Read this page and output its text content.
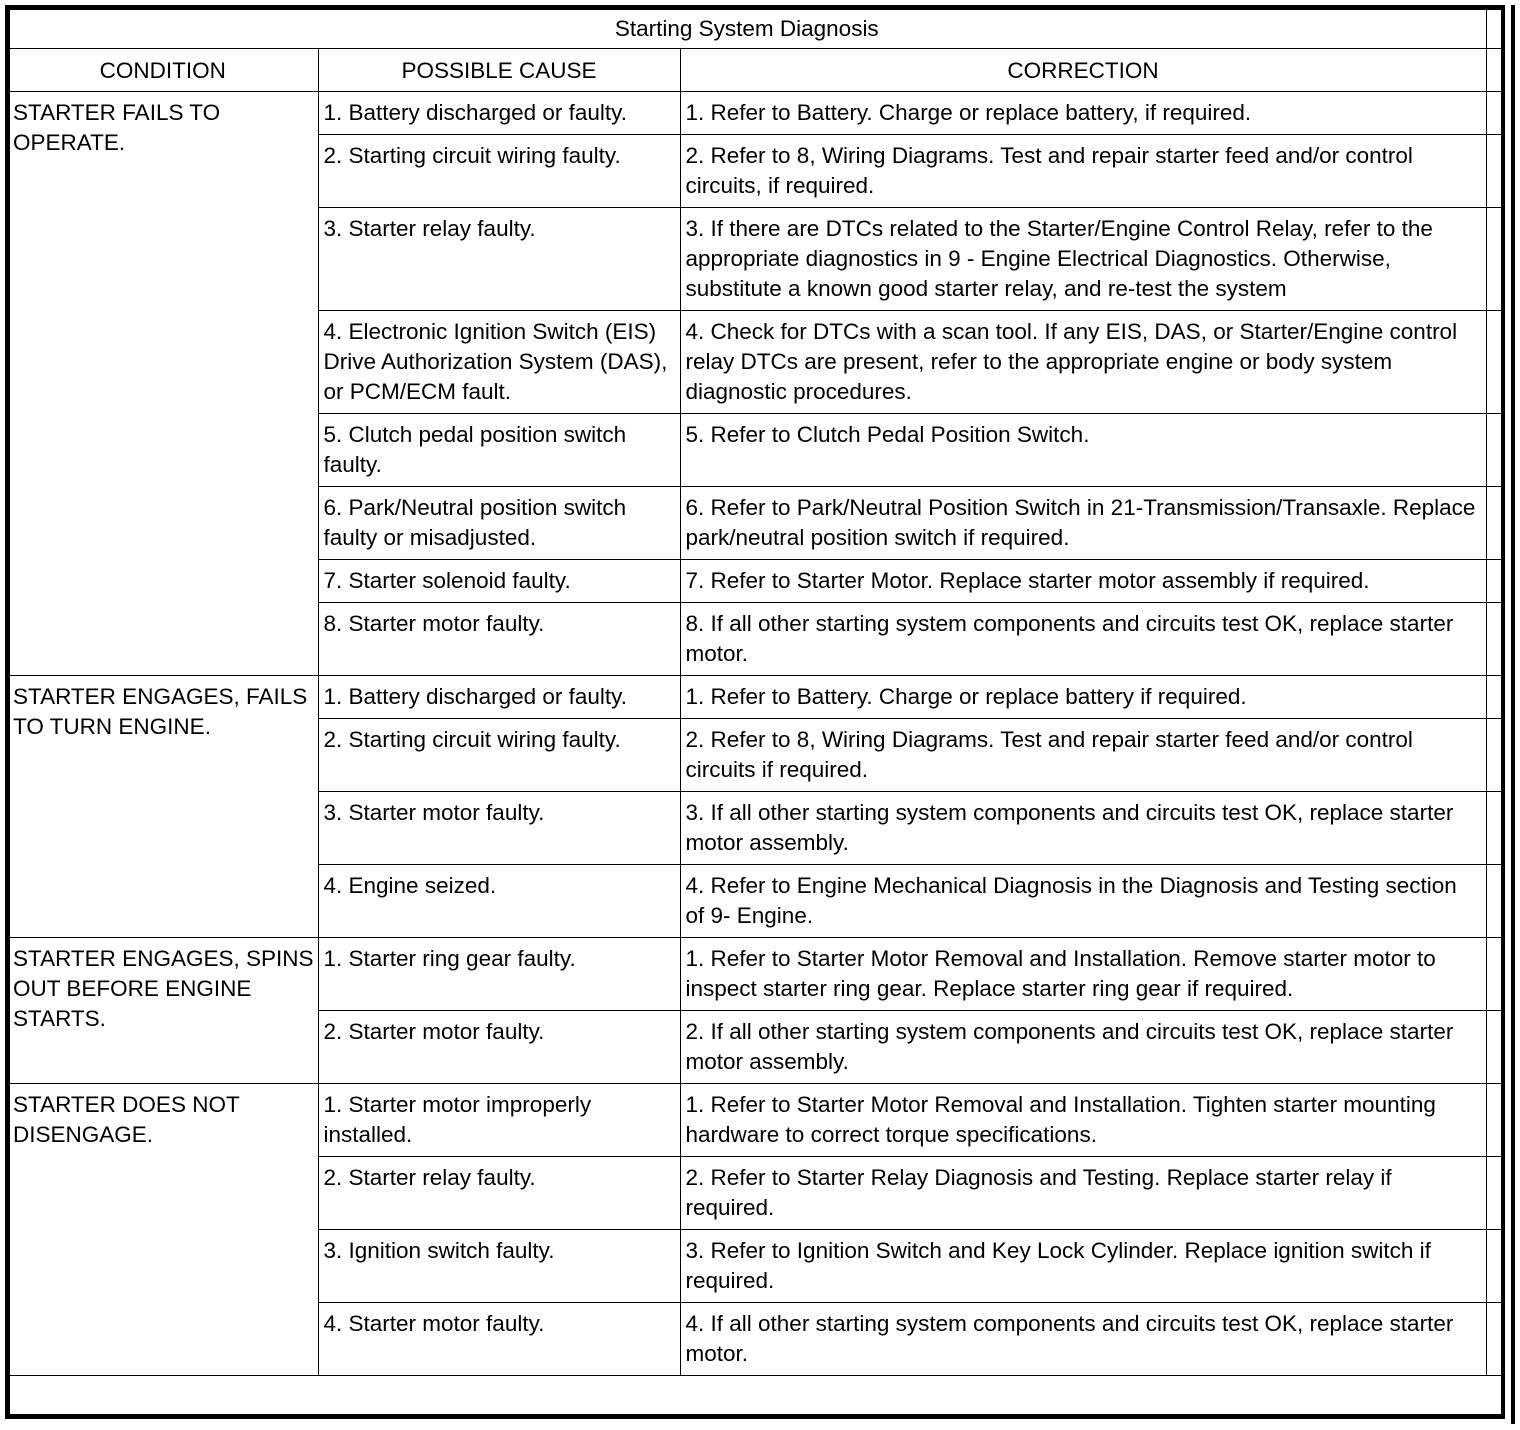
Starting System Diagnosis			
CONDITION	POSSIBLE CAUSE	CORRECTION	
STARTER FAILS TO OPERATE.	1. Battery discharged or faulty.	1. Refer to Battery. Charge or replace battery, if required.	
	2. Starting circuit wiring faulty.	2. Refer to 8, Wiring Diagrams. Test and repair starter feed and/or control circuits, if required.	
	3. Starter relay faulty.	3. If there are DTCs related to the Starter/Engine Control Relay, refer to the appropriate diagnostics in 9 - Engine Electrical Diagnostics. Otherwise, substitute a known good starter relay, and re-test the system	
	4. Electronic Ignition Switch (EIS) Drive Authorization System (DAS), or PCM/ECM fault.	4. Check for DTCs with a scan tool. If any EIS, DAS, or Starter/Engine control relay DTCs are present, refer to the appropriate engine or body system diagnostic procedures.	
	5. Clutch pedal position switch faulty.	5. Refer to Clutch Pedal Position Switch.	
	6. Park/Neutral position switch faulty or misadjusted.	6. Refer to Park/Neutral Position Switch in 21-Transmission/Transaxle. Replace park/neutral position switch if required.	
	7. Starter solenoid faulty.	7. Refer to Starter Motor. Replace starter motor assembly if required.	
	8. Starter motor faulty.	8. If all other starting system components and circuits test OK, replace starter motor.	
STARTER ENGAGES, FAILS TO TURN ENGINE.	1. Battery discharged or faulty.	1. Refer to Battery. Charge or replace battery if required.	
	2. Starting circuit wiring faulty.	2. Refer to 8, Wiring Diagrams. Test and repair starter feed and/or control circuits if required.	
	3. Starter motor faulty.	3. If all other starting system components and circuits test OK, replace starter motor assembly.	
	4. Engine seized.	4. Refer to Engine Mechanical Diagnosis in the Diagnosis and Testing section of 9- Engine.	
STARTER ENGAGES, SPINS OUT BEFORE ENGINE STARTS.	1. Starter ring gear faulty.	1. Refer to Starter Motor Removal and Installation. Remove starter motor to inspect starter ring gear. Replace starter ring gear if required.	
	2. Starter motor faulty.	2. If all other starting system components and circuits test OK, replace starter motor assembly.	
STARTER DOES NOT DISENGAGE.	1. Starter motor improperly installed.	1. Refer to Starter Motor Removal and Installation. Tighten starter mounting hardware to correct torque specifications.	
	2. Starter relay faulty.	2. Refer to Starter Relay Diagnosis and Testing. Replace starter relay if required.	
	3. Ignition switch faulty.	3. Refer to Ignition Switch and Key Lock Cylinder. Replace ignition switch if required.	
	4. Starter motor faulty.	4. If all other starting system components and circuits test OK, replace starter motor.	
